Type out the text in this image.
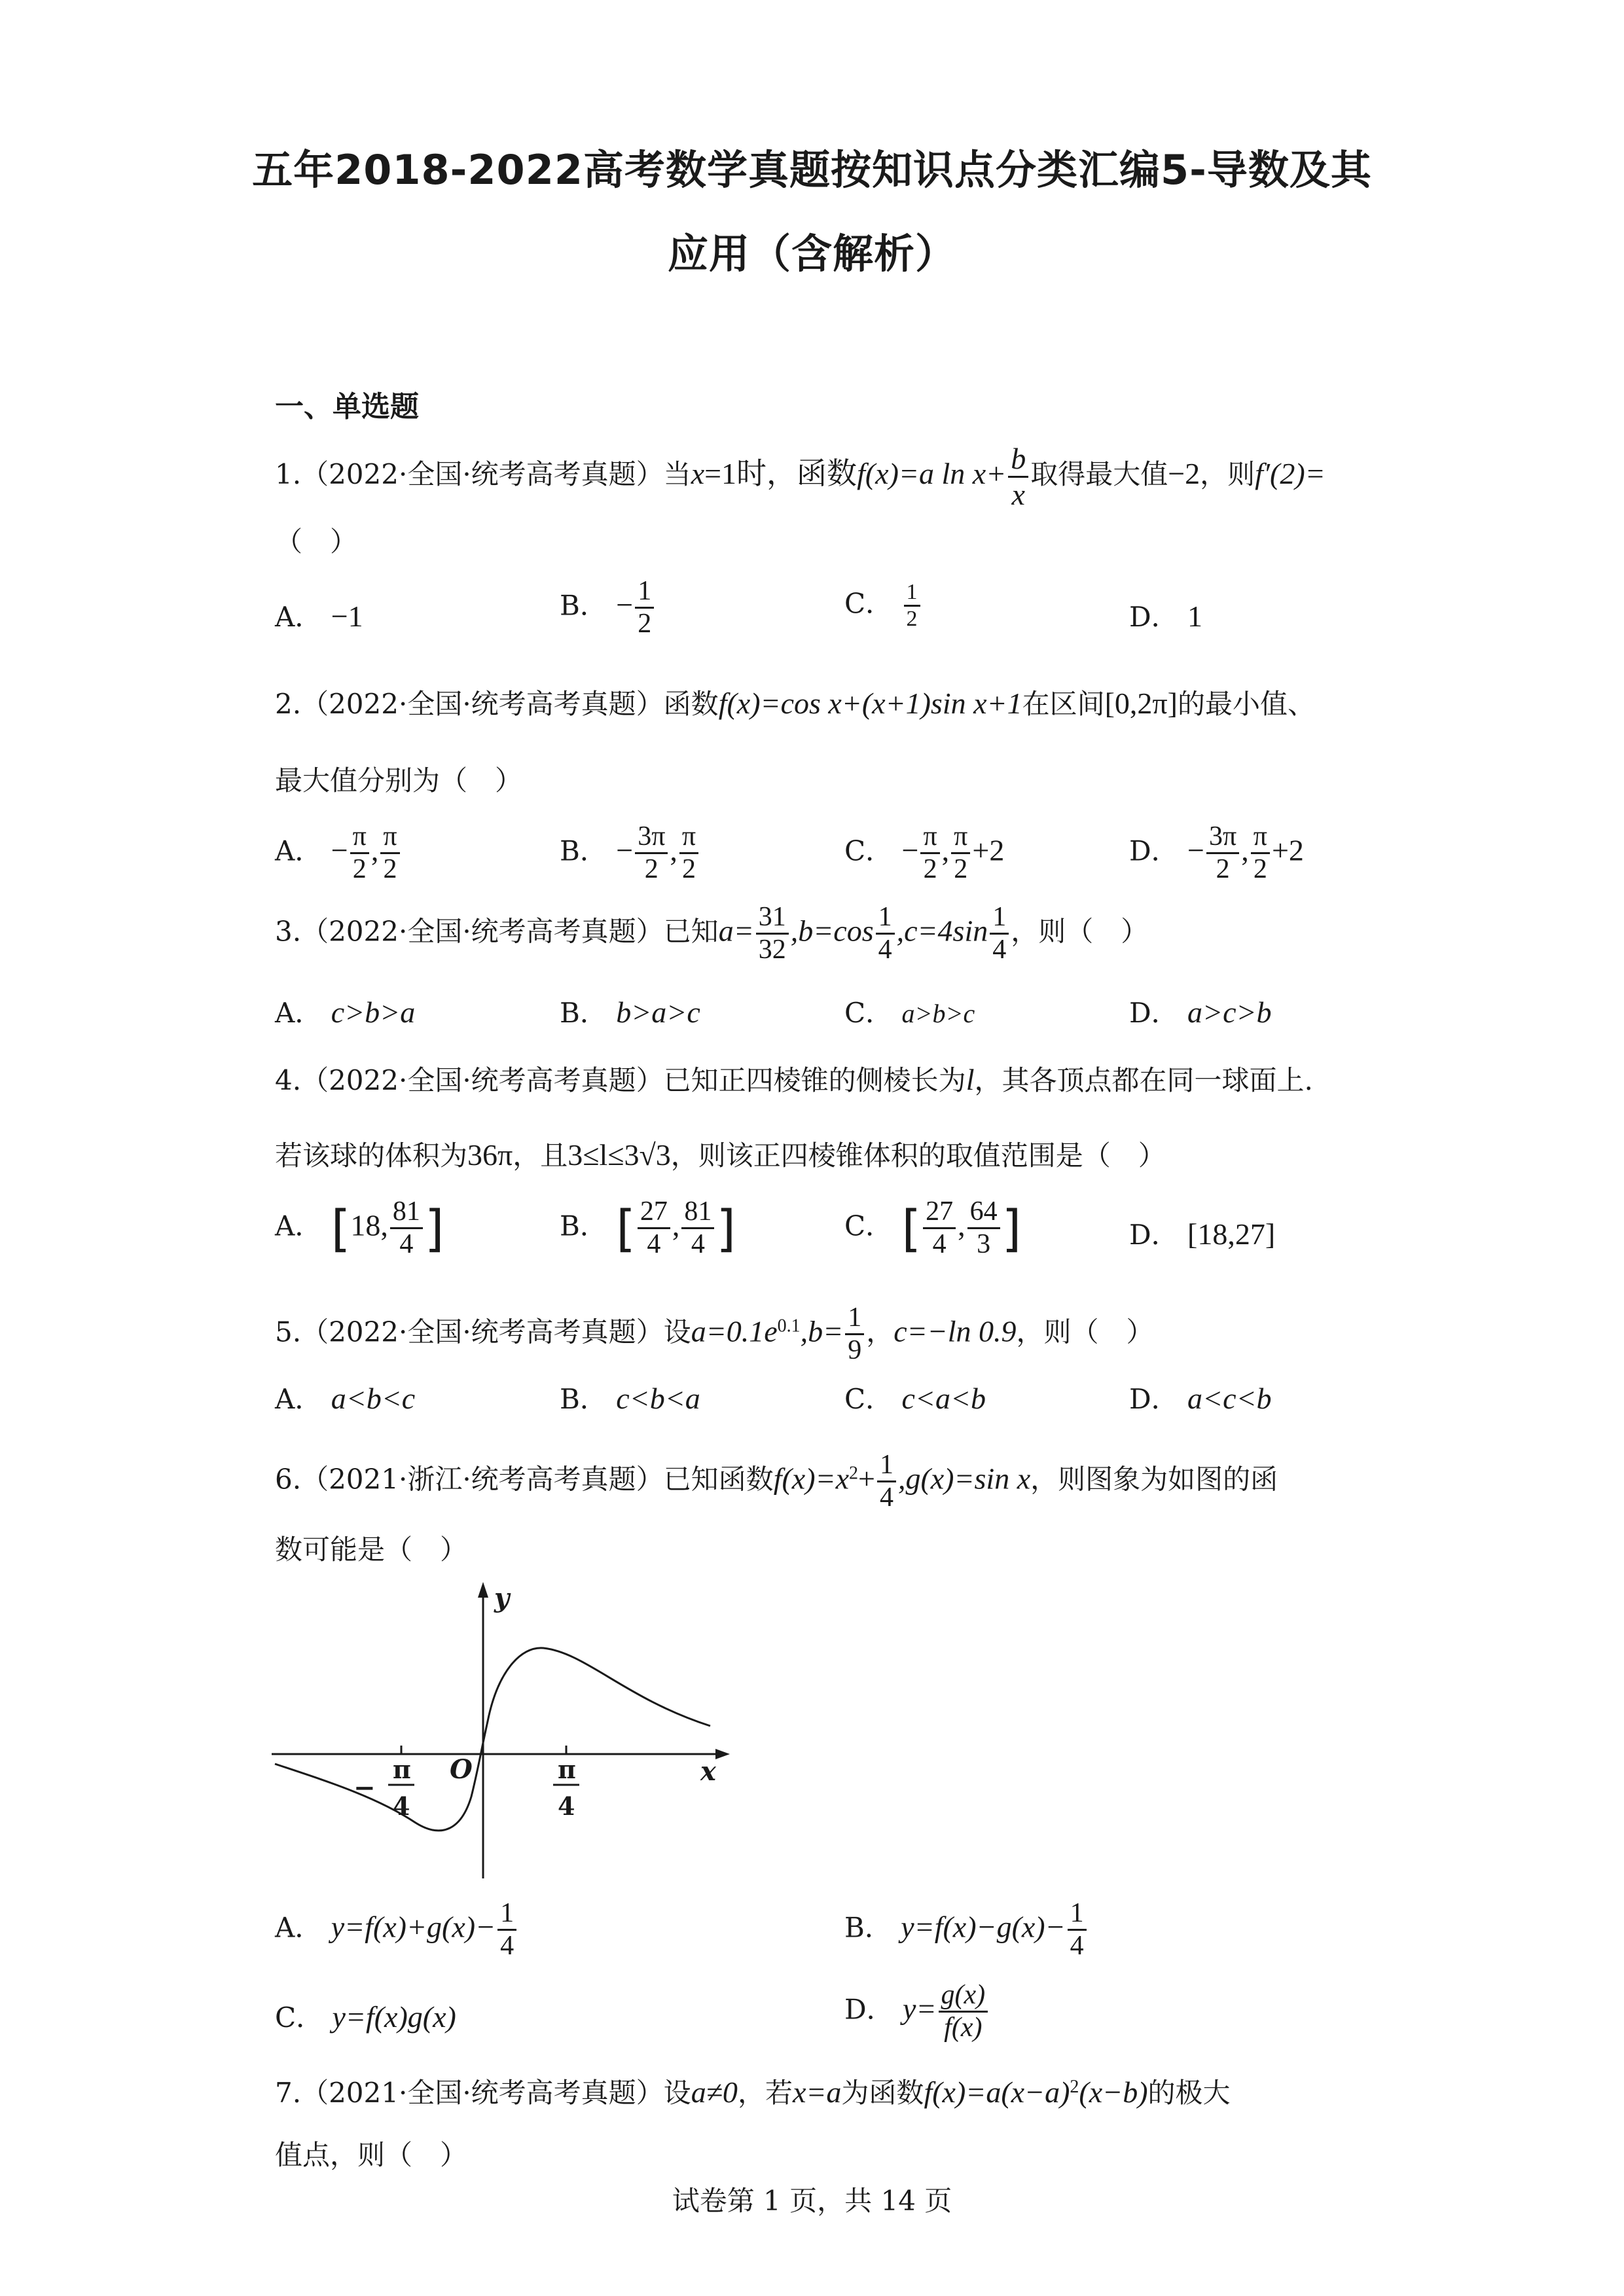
五年2018-2022高考数学真题按知识点分类汇编5-导数及其
应用（含解析）
一、单选题
1.（2022·全国·统考高考真题）当x=1时，函数f(x)=a $\ln x+ \frac{b}{x}$ 取得最大值−2，则f′(2)=
（　）
A． −1	B． − $\frac{1}{2}$	C． $\frac{1}{2}$	D． 1
2.（2022·全国·统考高考真题）函数f(x)=cos x+(x+1)sin x+1在区间[0,2π]的最小值、
最大值分别为（　）
A． − $\frac{\pi}{2}$ , $\frac{\pi}{2}$	B． − $\frac{3\pi}{2}$ , $\frac{\pi}{2}$	C． − $\frac{\pi}{2}$ , $\frac{\pi}{2} +2$	D． − $\frac{3\pi}{2}$ , $\frac{\pi}{2} +2$
3.（2022·全国·统考高考真题）已知$a= \frac{31}{32} ,b=\cos \frac{1}{4} ,c=4\sin \frac{1}{4}$ ，则（　）
A． c>b>a	B． b>a>c	C． a>b>c	D． a>c>b
4.（2022·全国·统考高考真题）已知正四棱锥的侧棱长为l，其各顶点都在同一球面上.
若该球的体积为36π，且3≤l≤3√3，则该正四棱锥体积的取值范围是（　）
A． [18, $\frac{81}{4}$ ]	B． [ $\frac{27}{4}$ , $\frac{81}{4}$ ]	C． [ $\frac{27}{4}$ , $\frac{64}{3}$ ]	D． [18,27]
5.（2022·全国·统考高考真题）设$a=0.1e^{0.1},b= \frac{1}{9}$ ，c=−ln 0.9，则（　）
A． a<b<c	B． c<b<a	C． c<a<b	D． a<c<b
6.（2021·浙江·统考高考真题）已知函数$f(x)=x^2+ \frac{1}{4} ,g(x)=\sin$ x，则图象为如图的函
数可能是（　）
y
x
O
−
π
4
π
4
A． $y=f(x)+g(x)- \frac{1}{4}$	B． $y=f(x)-g(x)- \frac{1}{4}$
C． y=f(x)g(x)	D． $y= \frac{g(x)}{f(x)}$
7.（2021·全国·统考高考真题）设a≠0，若x=a为函数$f(x)=a(x-a)^2(x-b)$的极大
值点，则（　）
试卷第 1 页，共 14 页
